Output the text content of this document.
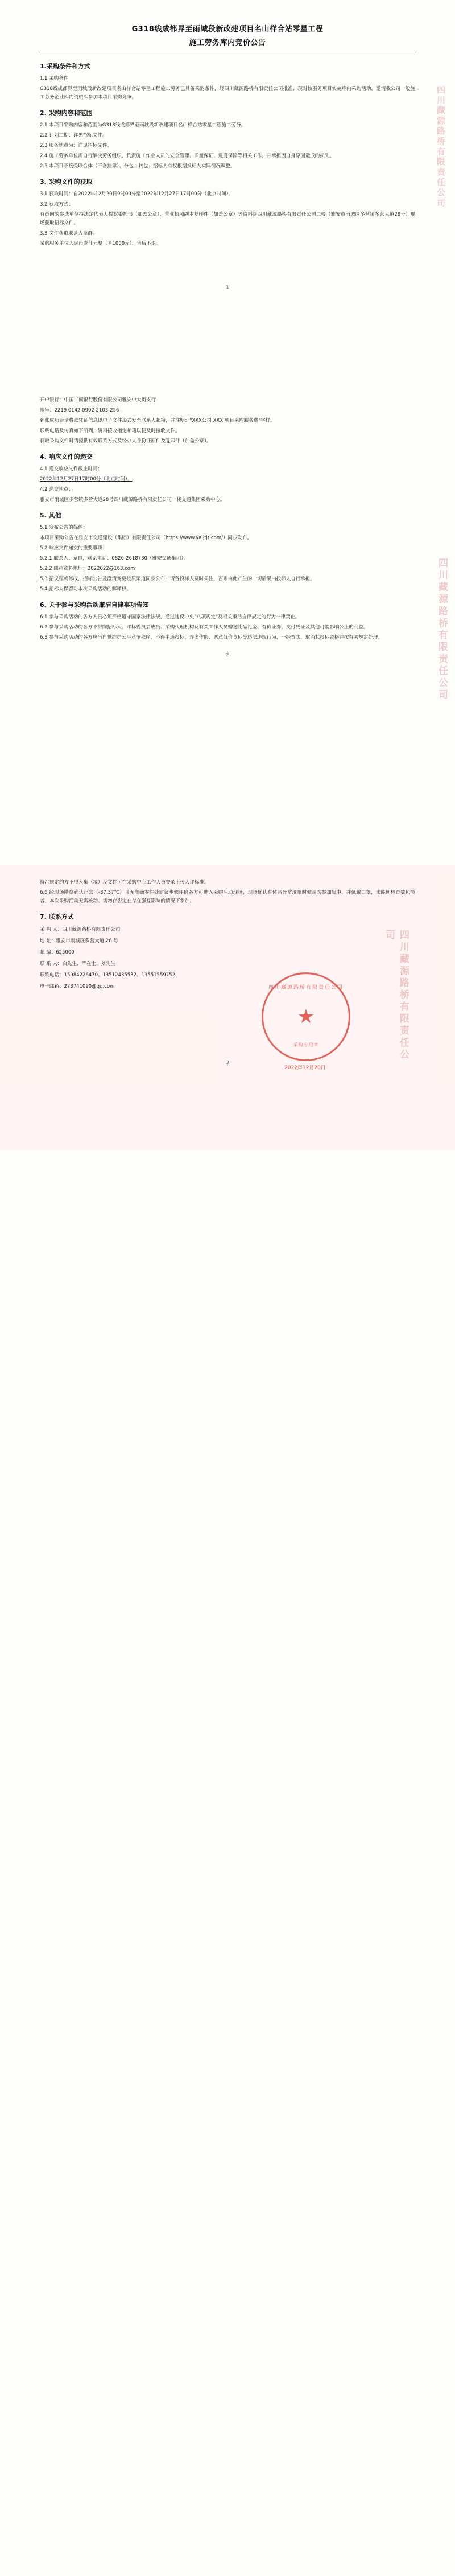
G318线成都界至雨城段新改建项目名山样合站零星工程
施工劳务库内竞价公告
1.采购条件和方式

1.1 采购条件

G318线成都界至雨城段新改建项目名山样合站零星工程施工劳务已具备采购条件，经四川藏源路桥有限责任公司批准，现对该服务项目实施库内采购活动，邀请我公司一般施工劳务企业库内资质库参加本项目采购竞争。

2. 采购内容和范围

2.1 本项目采购内容和范围为G318线成都界至雨城段新改建项目名山样合站零星工程施工劳务。

2.2 计划工期：详见招标文件。

2.3 服务地点为：详见招标文件。

2.4 施工劳务单位需自行解决劳务组织，负责施工作业人员的安全管理、质量保证、进度保障等相关工作，并承担因自身原因造成的损失。

2.5 本项目不接受联合体（不含挂靠）、分包、转包；招标人有权根据投标人实际情况调整。

3. 采购文件的获取

3.1 获取时间：自2022年12月20日9时00分至2022年12月27日17时00分（北京时间）。

3.2 获取方式：

有意向的参选单位持法定代表人授权委托书（加盖公章）、营业执照副本复印件（加盖公章）等资料到四川藏源路桥有限责任公司二楼（雅安市雨城区多营镇多营大道28号）现场获取招标文件。

3.3 文件获取联系人章群。

采购服务单位人民币壹仟元整（￥1000元），售后不退。

1
四川藏源路桥有限责任公司

开户银行：中国工商银行股份有限公司雅安中大街支行

账号：2219 0142 0902 2103-256

到账成功后请将款凭证信息以电子文件形式发至联系人邮箱，并注明："XXX公司 XXX 项目采购服务费"字样。

联系电话及传真如下所列，资料接收指定邮箱以便及时接收文件。

获取采购文件时请提供有效联系方式及经办人身份证原件及复印件（加盖公章）。

4. 响应文件的递交

4.1 递交响应文件截止时间：

2022年12月27日17时00分（北京时间）。

4.2 递交地点：

雅安市雨城区多营镇多营大道28号四川藏源路桥有限责任公司一楼交通集团采购中心。

5. 其他

5.1 发布公告的媒体：

本项目采购公告在雅安市交通建设（集团）有限责任公司（https://www.yaljtjt.com/）同步发布。

5.2 响应文件递交的重要事项：

5.2.1 联系人：章群，联系电话：0826-2618730（雅安交通集团）。

5.2.2 邮箱资料地址：2022022@163.com。

5.3 招议程或修改，招标公告及澄清变更按原渠道同步公布，请各投标人及时关注，否则由此产生的一切后果由投标人自行承担。

5.4 招标人保留对本次采购活动的解释权。

6. 关于参与采购活动廉洁自律事项告知

6.1 参与采购活动的各方人员必须严格遵守国家法律法规，通过违反中央"八项规定"及相关廉洁自律规定的行为一律禁止。

6.2 参与采购活动的各方不得向招标人、评标委员会成员、采购代理机构及有关工作人员赠送礼品礼金、有价证券、支付凭证及其他可能影响公正的利益。

6.3 参与采购活动的各方应当自觉维护公平竞争秩序，不得串通投标、弄虚作假、恶意低价竞标等违法违规行为，一经查实，取消其投标资格并按有关规定处理。

2	四川藏源路桥有限责任公司

符合规定的方不得入集（境）反文件可在采购中心工作人员登录上传入评标准。

6.6 经现场勘察确认正常（-37.37℃）且无准确零件处建议步骤评价各方可进入采购活动现场，现场确认有体监异常现象时候请勿参加集中，并佩戴口罩，未能同检查数风险者，本次采购活动无需核动。切勿存否定在存在强互影响的情况下参加。

7. 联系方式

采 购 人：四川藏源路桥有限责任公司

地 址：雅安市雨城区多营大道 28 号

邮 编：625000

联 系 人：白先生、严在士、刘先生

联系电话：15984226470、13512435532、13551559752

电子邮箱：273741090@qq.com	四川藏源路桥有限责任公司
★
采购专用章
2022年12月20日
四川藏源路桥有限责任公司
3
